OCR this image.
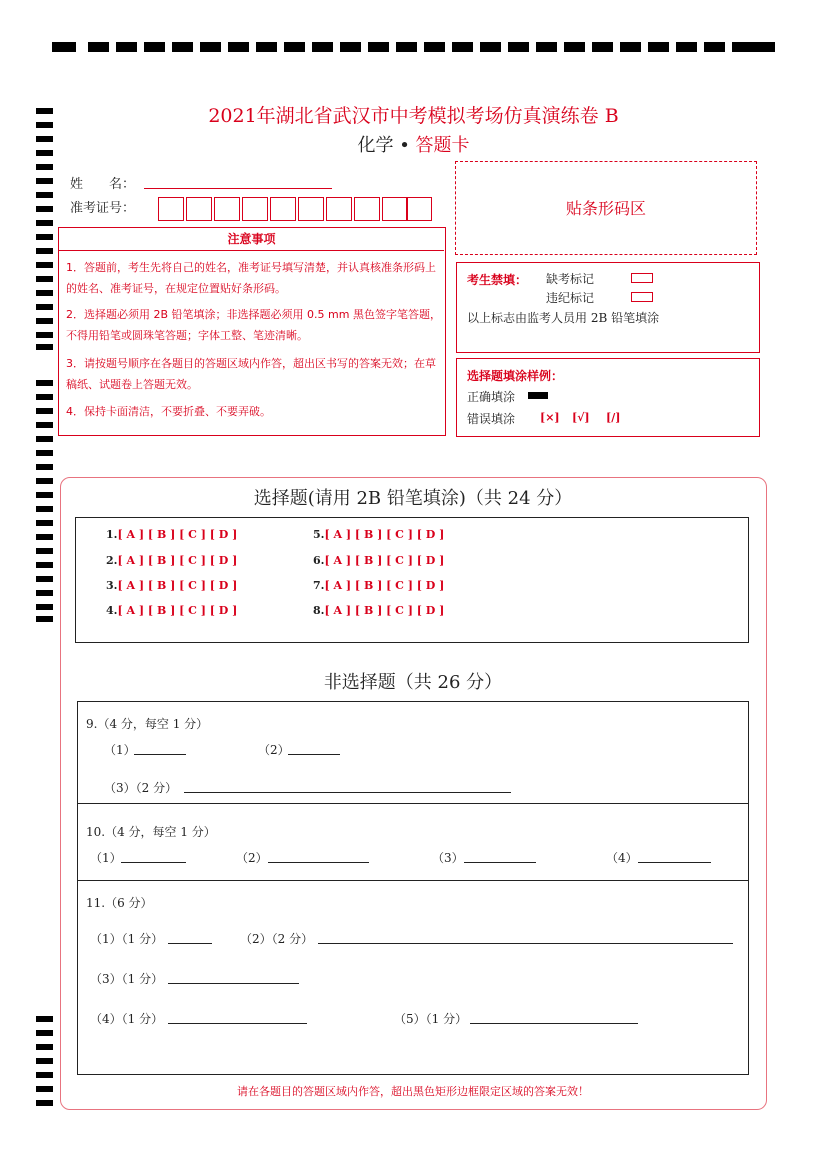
2021年湖北省武汉市中考模拟考场仿真演练卷 B
化学 • 答题卡
姓　　名：
准考证号：	贴条形码区
注意事项
1．答题前，考生先将自己的姓名，准考证号填写清楚，并认真核准条形码上的姓名、准考证号，在规定位置贴好条形码。
2．选择题必须用 2B 铅笔填涂；非选择题必须用 0.5 mm 黑色签字笔答题，不得用铅笔或圆珠笔答题；字体工整、笔迹清晰。
3．请按题号顺序在各题目的答题区域内作答，超出区书写的答案无效；在草稿纸、试题卷上答题无效。
4．保持卡面清洁，不要折叠、不要弄破。
考生禁填： 缺考标记
违纪标记
以上标志由监考人员用 2B 铅笔填涂
选择题填涂样例：
正确填涂
错误填涂 [×] [√] [/]
选择题(请用 2B 铅笔填涂)（共 24 分）
1.[ A ] [ B ] [ C ] [ D ]
2.[ A ] [ B ] [ C ] [ D ]
3.[ A ] [ B ] [ C ] [ D ]
4.[ A ] [ B ] [ C ] [ D ]
5.[ A ] [ B ] [ C ] [ D ]
6.[ A ] [ B ] [ C ] [ D ]
7.[ A ] [ B ] [ C ] [ D ]
8.[ A ] [ B ] [ C ] [ D ]
非选择题（共 26 分）
9.（4 分，每空 1 分）
（1）	（2）
（3）（2 分）
10.（4 分，每空 1 分）
（1）	（2）	（3）	（4）
11.（6 分）
（1）（1 分）	（2）（2 分）
（3）（1 分）
（4）（1 分）	（5）（1 分）
请在各题目的答题区域内作答，超出黑色矩形边框限定区域的答案无效！
